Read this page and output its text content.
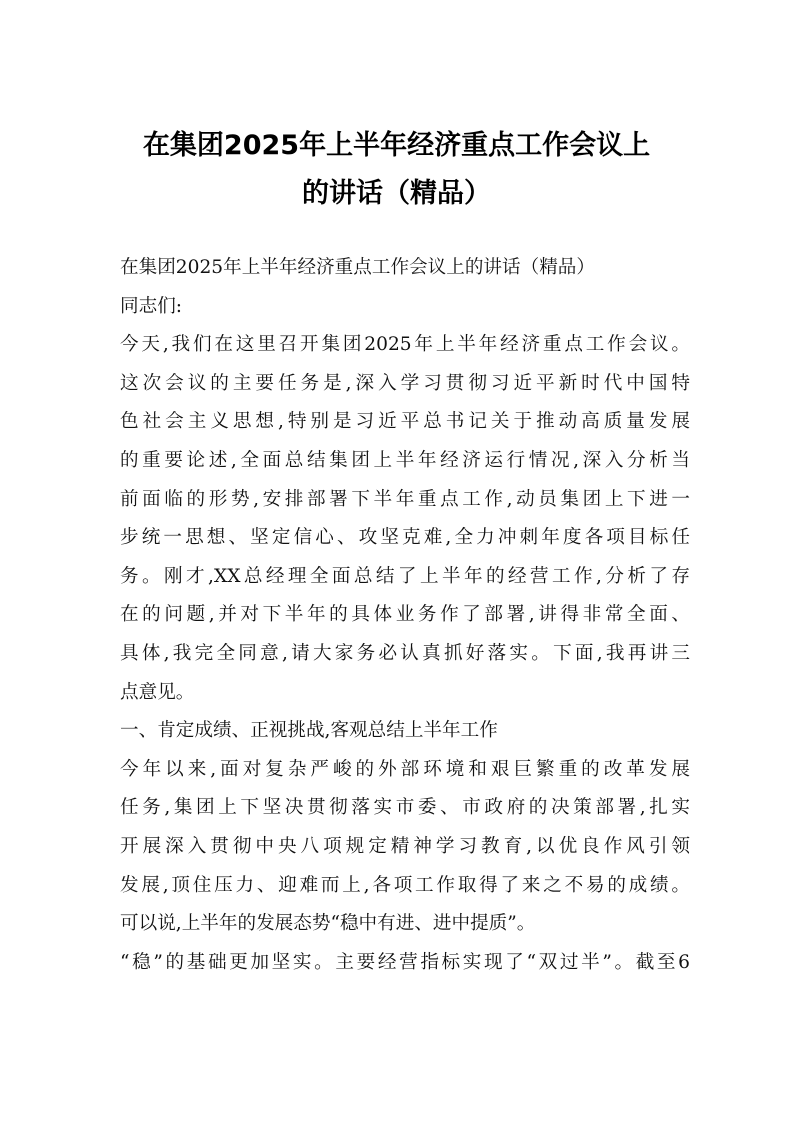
在集团2025年上半年经济重点工作会议上
的讲话（精品）
在集团2025年上半年经济重点工作会议上的讲话（精品）
同志们:
今天,我们在这里召开集团2025年上半年经济重点工作会议。
这次会议的主要任务是,深入学习贯彻习近平新时代中国特
色社会主义思想,特别是习近平总书记关于推动高质量发展
的重要论述,全面总结集团上半年经济运行情况,深入分析当
前面临的形势,安排部署下半年重点工作,动员集团上下进一
步统一思想、坚定信心、攻坚克难,全力冲刺年度各项目标任
务。刚才,XX总经理全面总结了上半年的经营工作,分析了存
在的问题,并对下半年的具体业务作了部署,讲得非常全面、
具体,我完全同意,请大家务必认真抓好落实。下面,我再讲三
点意见。
一、肯定成绩、正视挑战,客观总结上半年工作
今年以来,面对复杂严峻的外部环境和艰巨繁重的改革发展
任务,集团上下坚决贯彻落实市委、市政府的决策部署,扎实
开展深入贯彻中央八项规定精神学习教育,以优良作风引领
发展,顶住压力、迎难而上,各项工作取得了来之不易的成绩。
可以说,上半年的发展态势“稳中有进、进中提质”。
“稳”的基础更加坚实。主要经营指标实现了“双过半”。截至6
